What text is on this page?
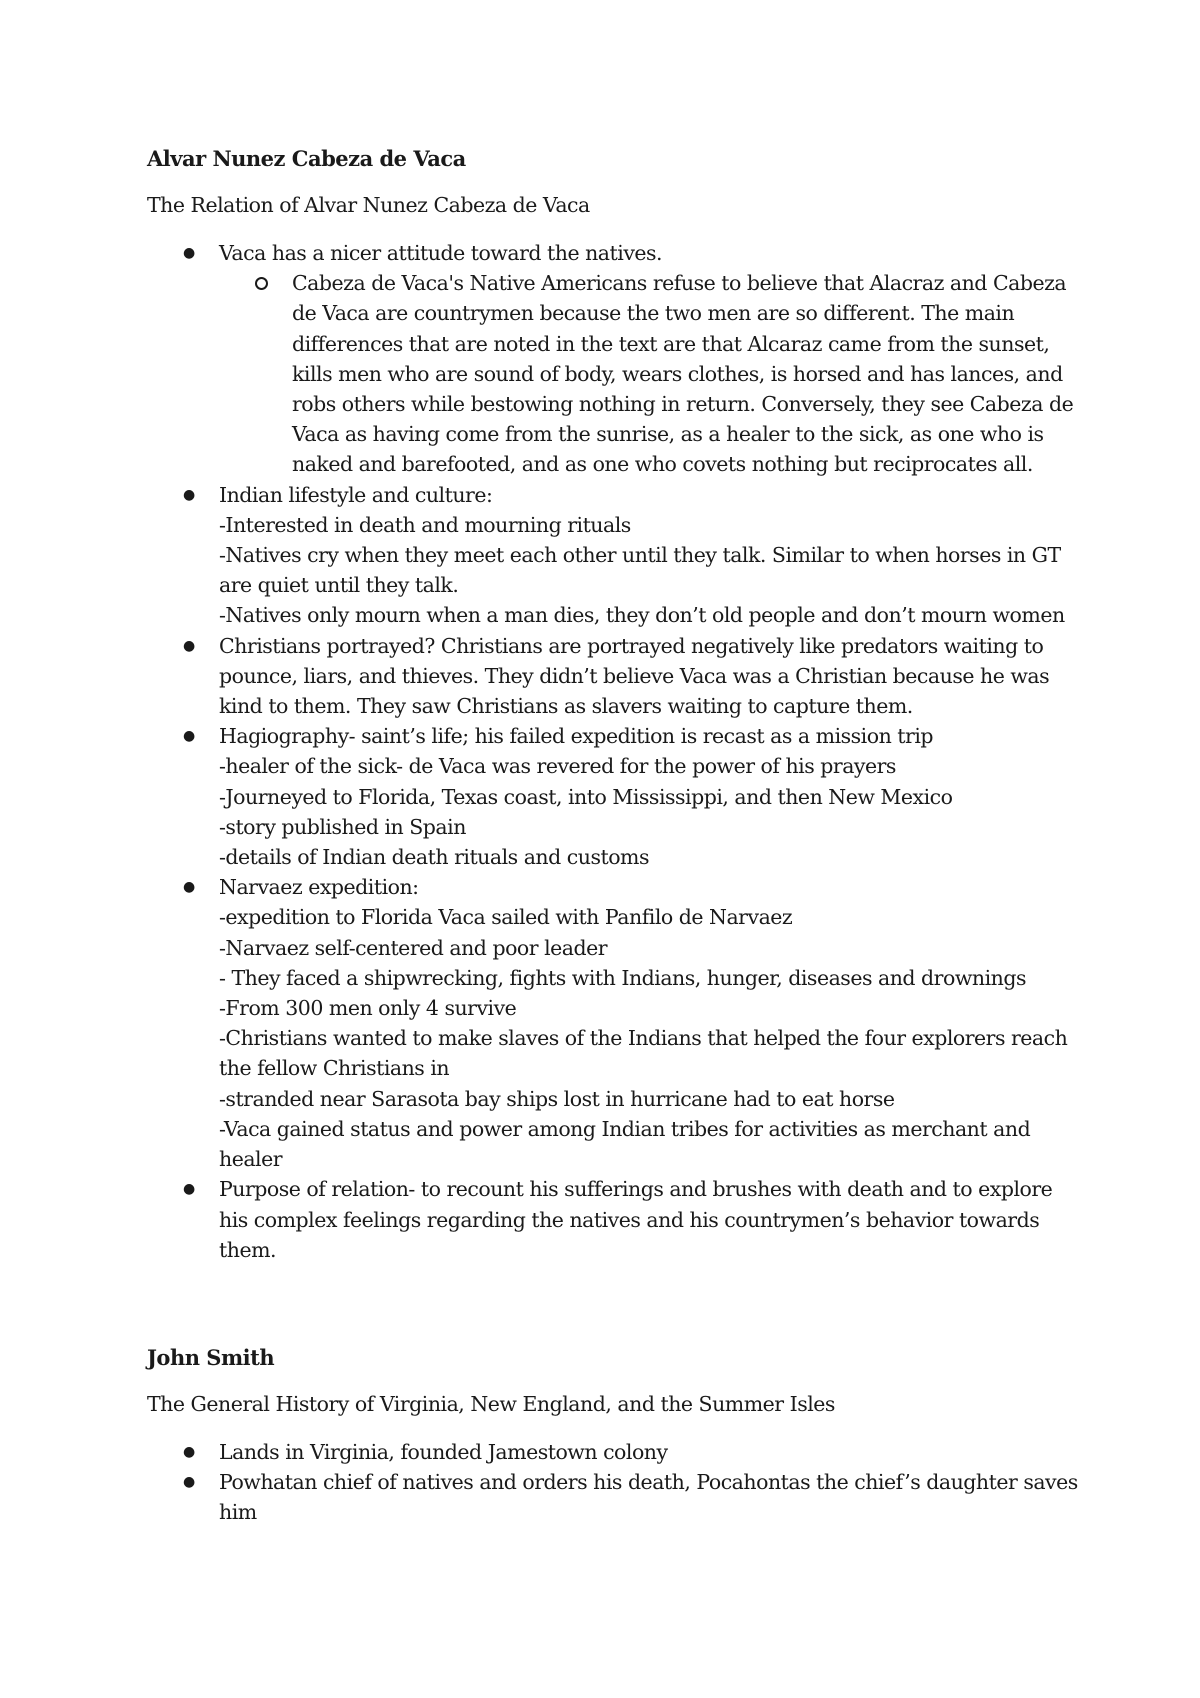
Alvar Nunez Cabeza de Vaca
The Relation of Alvar Nunez Cabeza de Vaca
● Vaca has a nicer attitude toward the natives.
Cabeza de Vaca's Native Americans refuse to believe that Alacraz and Cabeza
de Vaca are countrymen because the two men are so different. The main
differences that are noted in the text are that Alcaraz came from the sunset,
kills men who are sound of body, wears clothes, is horsed and has lances, and
robs others while bestowing nothing in return. Conversely, they see Cabeza de
Vaca as having come from the sunrise, as a healer to the sick, as one who is
naked and barefooted, and as one who covets nothing but reciprocates all.
● Indian lifestyle and culture:
-Interested in death and mourning rituals
-Natives cry when they meet each other until they talk. Similar to when horses in GT
are quiet until they talk.
-Natives only mourn when a man dies, they don’t old people and don’t mourn women
● Christians portrayed? Christians are portrayed negatively like predators waiting to
pounce, liars, and thieves. They didn’t believe Vaca was a Christian because he was
kind to them. They saw Christians as slavers waiting to capture them.
● Hagiography- saint’s life; his failed expedition is recast as a mission trip
-healer of the sick- de Vaca was revered for the power of his prayers
-Journeyed to Florida, Texas coast, into Mississippi, and then New Mexico
-story published in Spain
-details of Indian death rituals and customs
● Narvaez expedition:
-expedition to Florida Vaca sailed with Panfilo de Narvaez
-Narvaez self-centered and poor leader
- They faced a shipwrecking, fights with Indians, hunger, diseases and drownings
-From 300 men only 4 survive
-Christians wanted to make slaves of the Indians that helped the four explorers reach
the fellow Christians in
-stranded near Sarasota bay ships lost in hurricane had to eat horse
-Vaca gained status and power among Indian tribes for activities as merchant and
healer
● Purpose of relation- to recount his sufferings and brushes with death and to explore
his complex feelings regarding the natives and his countrymen’s behavior towards
them.
John Smith
The General History of Virginia, New England, and the Summer Isles
● Lands in Virginia, founded Jamestown colony
● Powhatan chief of natives and orders his death, Pocahontas the chief’s daughter saves
him
